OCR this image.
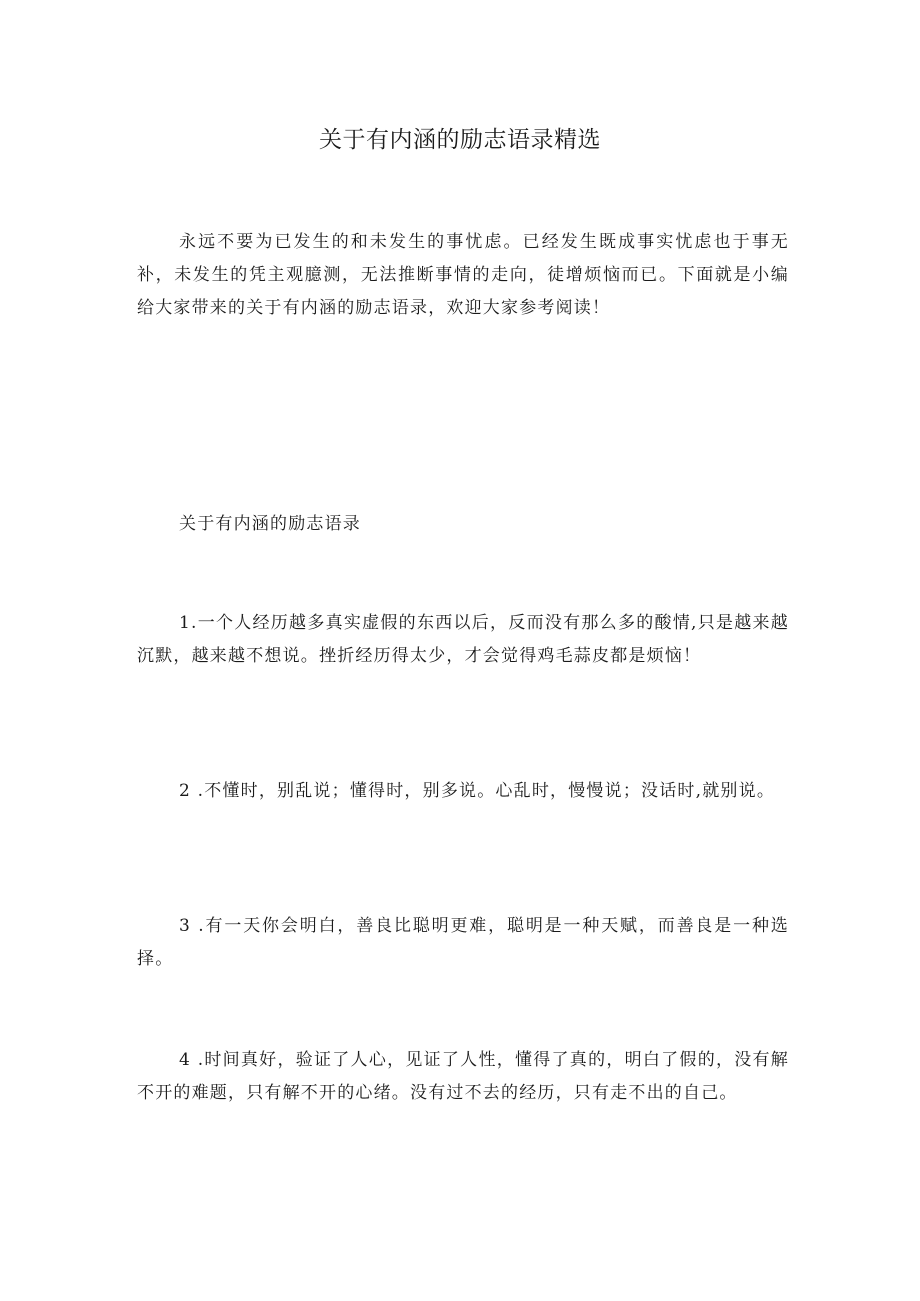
关于有内涵的励志语录精选

永远不要为已发生的和未发生的事忧虑。已经发生既成事实忧虑也于事无补，未发生的凭主观臆测，无法推断事情的走向，徒增烦恼而已。下面就是小编给大家带来的关于有内涵的励志语录，欢迎大家参考阅读！

关于有内涵的励志语录

1.一个人经历越多真实虚假的东西以后，反而没有那么多的酸情,只是越来越沉默，越来越不想说。挫折经历得太少，才会觉得鸡毛蒜皮都是烦恼！

2 .不懂时，别乱说；懂得时，别多说。心乱时，慢慢说；没话时,就别说。

3 .有一天你会明白，善良比聪明更难，聪明是一种天赋，而善良是一种选择。

4 .时间真好，验证了人心，见证了人性，懂得了真的，明白了假的，没有解不开的难题，只有解不开的心绪。没有过不去的经历，只有走不出的自己。
